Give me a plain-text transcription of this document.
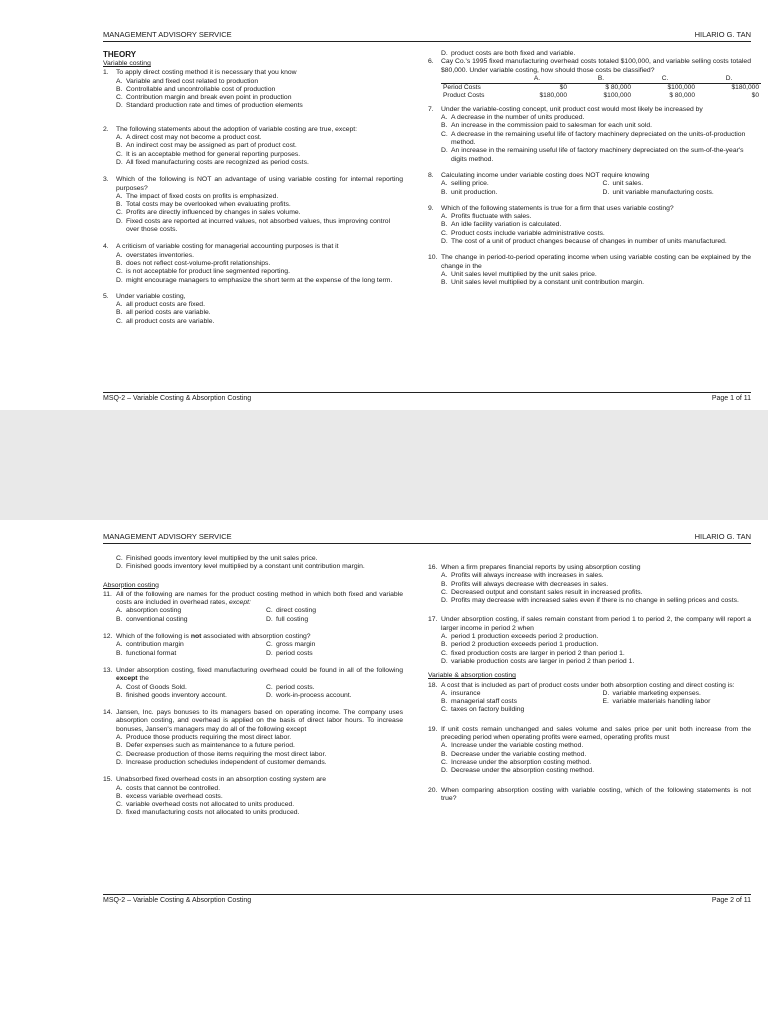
MANAGEMENT ADVISORY SERVICE	HILARIO G. TAN
THEORY
Variable costing
1.	To apply direct costing method it is necessary that you know
A. Variable and fixed cost related to production
B. Controllable and uncontrollable cost of production
C. Contribution margin and break even point in production
D. Standard production rate and times of production elements
2.	The following statements about the adoption of variable costing are true, except:
A. A direct cost may not become a product cost.
B. An indirect cost may be assigned as part of product cost.
C. It is an acceptable method for general reporting purposes.
D. All fixed manufacturing costs are recognized as period costs.
3.	Which of the following is NOT an advantage of using variable costing for internal reporting purposes?
A. The impact of fixed costs on profits is emphasized.
B. Total costs may be overlooked when evaluating profits.
C. Profits are directly influenced by changes in sales volume.
D. Fixed costs are reported at incurred values, not absorbed values, thus improving control over those costs.
4.	A criticism of variable costing for managerial accounting purposes is that it
A. overstates inventories.
B. does not reflect cost-volume-profit relationships.
C. is not acceptable for product line segmented reporting.
D. might encourage managers to emphasize the short term at the expense of the long term.
5.	Under variable costing,
A. all product costs are fixed.
B. all period costs are variable.
C. all product costs are variable.
D. product costs are both fixed and variable.
6.	Cay Co.'s 1995 fixed manufacturing overhead costs totaled $100,000, and variable selling costs totaled $80,000. Under variable costing, how should those costs be classified?
	A.	B.	C.	D.
Period Costs	$0	$ 80,000	$100,000	$180,000
Product Costs	$180,000	$100,000	$ 80,000	$0
7.	Under the variable-costing concept, unit product cost would most likely be increased by
A. A decrease in the number of units produced.
B. An increase in the commission paid to salesman for each unit sold.
C. A decrease in the remaining useful life of factory machinery depreciated on the units-of-production method.
D. An increase in the remaining useful life of factory machinery depreciated on the sum-of-the-year's digits method.
8.	Calculating income under variable costing does NOT require knowing
A. selling price.	C. unit sales.
B. unit production.	D. unit variable manufacturing costs.
9.	Which of the following statements is true for a firm that uses variable costing?
A. Profits fluctuate with sales.
B. An idle facility variation is calculated.
C. Product costs include variable administrative costs.
D. The cost of a unit of product changes because of changes in number of units manufactured.
10. The change in period-to-period operating income when using variable costing can be explained by the change in the
A. Unit sales level multiplied by the unit sales price.
B. Unit sales level multiplied by a constant unit contribution margin.
MSQ-2 – Variable Costing & Absorption Costing	Page 1 of 11
MANAGEMENT ADVISORY SERVICE	HILARIO G. TAN
C. Finished goods inventory level multiplied by the unit sales price.
D. Finished goods inventory level multiplied by a constant unit contribution margin.
Absorption costing
11. All of the following are names for the product costing method in which both fixed and variable costs are included in overhead rates, except:
A. absorption costing	C. direct costing
B. conventional costing	D. full costing
12. Which of the following is not associated with absorption costing?
A. contribution margin	C. gross margin
B. functional format	D. period costs
13. Under absorption costing, fixed manufacturing overhead could be found in all of the following except the
A. Cost of Goods Sold.	C. period costs.
B. finished goods inventory account.	D. work-in-process account.
14. Jansen, Inc. pays bonuses to its managers based on operating income. The company uses absorption costing, and overhead is applied on the basis of direct labor hours. To increase bonuses, Jansen's managers may do all of the following except
A. Produce those products requiring the most direct labor.
B. Defer expenses such as maintenance to a future period.
C. Decrease production of those items requiring the most direct labor.
D. Increase production schedules independent of customer demands.
15. Unabsorbed fixed overhead costs in an absorption costing system are
A. costs that cannot be controlled.
B. excess variable overhead costs.
C. variable overhead costs not allocated to units produced.
D. fixed manufacturing costs not allocated to units produced.
16. When a firm prepares financial reports by using absorption costing
A. Profits will always increase with increases in sales.
B. Profits will always decrease with decreases in sales.
C. Decreased output and constant sales result in increased profits.
D. Profits may decrease with increased sales even if there is no change in selling prices and costs.
17. Under absorption costing, if sales remain constant from period 1 to period 2, the company will report a larger income in period 2 when
A. period 1 production exceeds period 2 production.
B. period 2 production exceeds period 1 production.
C. fixed production costs are larger in period 2 than period 1.
D. variable production costs are larger in period 2 than period 1.
Variable & absorption costing
18. A cost that is included as part of product costs under both absorption costing and direct costing is:
A. insurance	D. variable marketing expenses.
B. managerial staff costs	E. variable materials handling labor
C. taxes on factory building
19. If unit costs remain unchanged and sales volume and sales price per unit both increase from the preceding period when operating profits were earned, operating profits must
A. Increase under the variable costing method.
B. Decrease under the variable costing method.
C. Increase under the absorption costing method.
D. Decrease under the absorption costing method.
20. When comparing absorption costing with variable costing, which of the following statements is not true?
MSQ-2 – Variable Costing & Absorption Costing	Page 2 of 11
